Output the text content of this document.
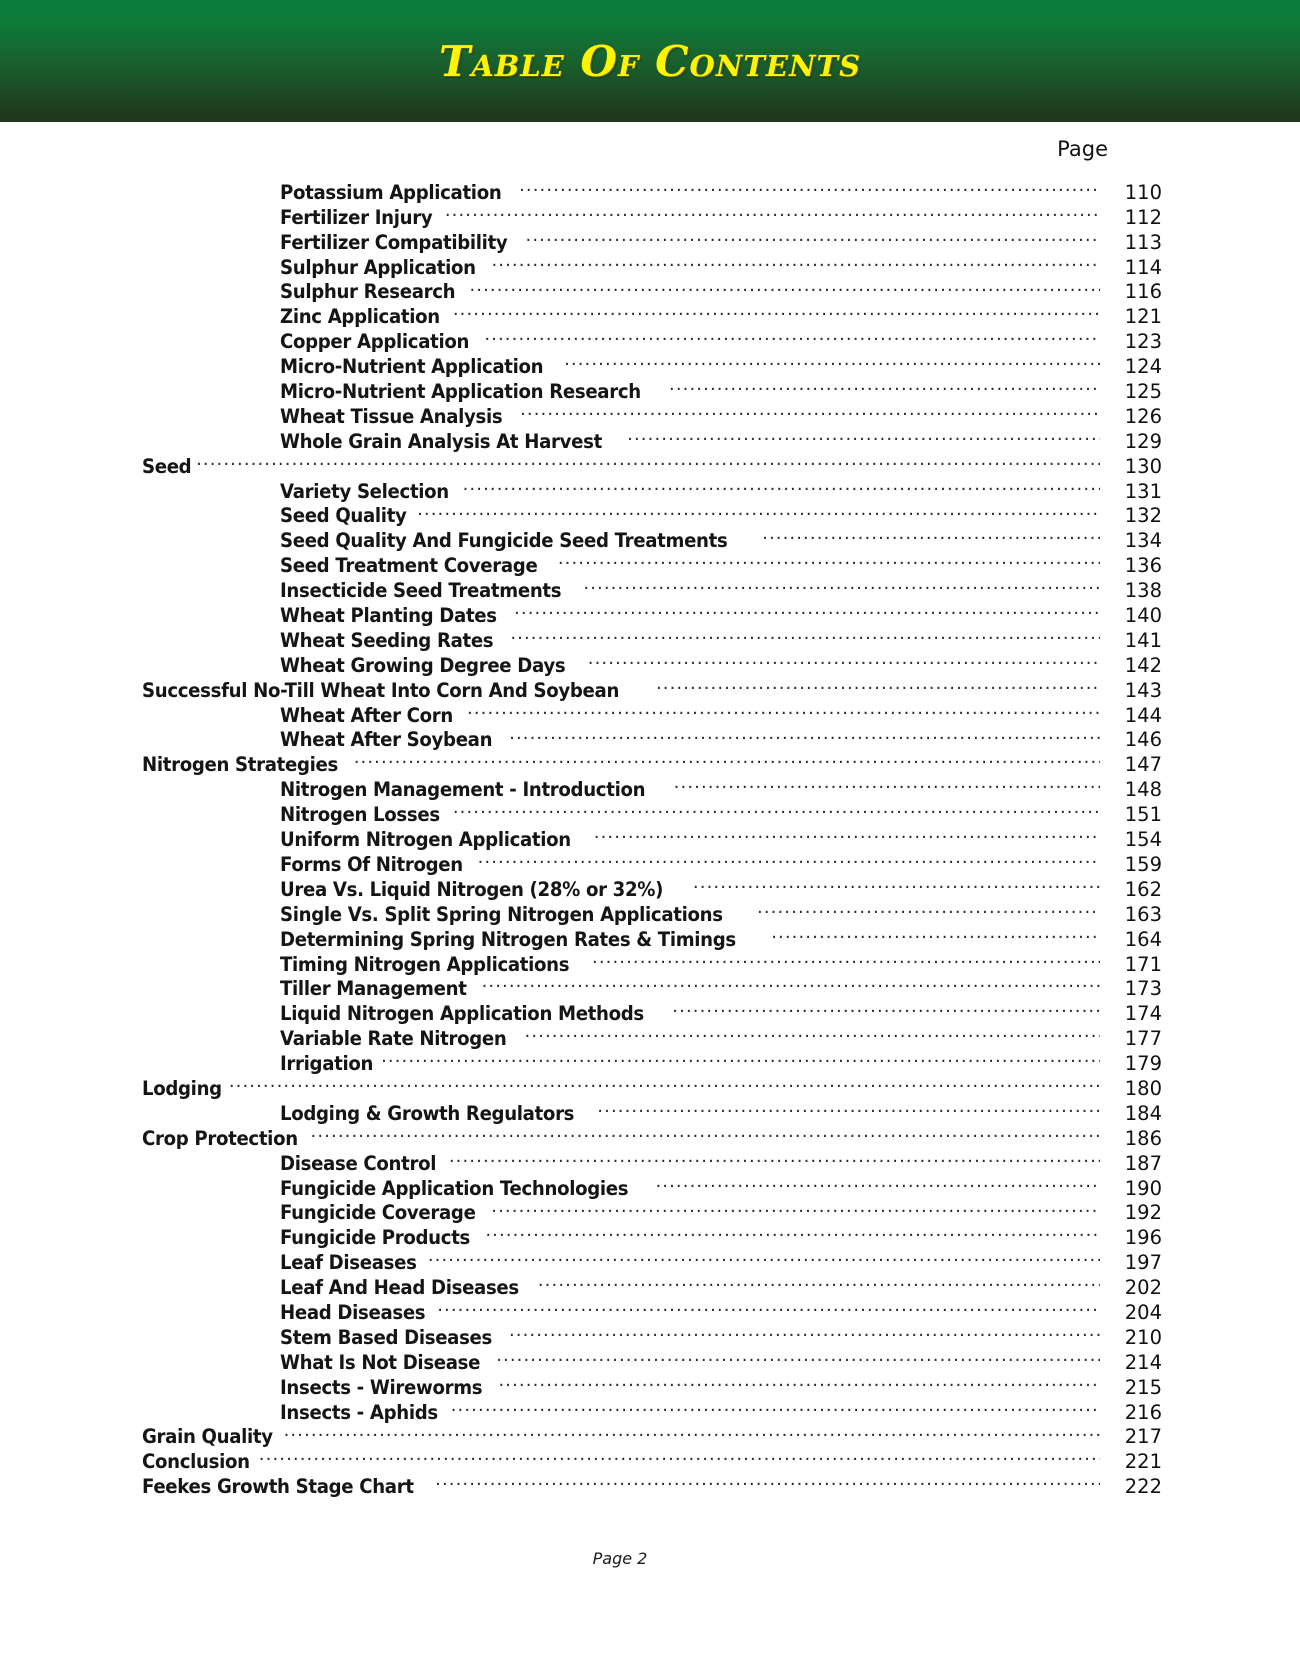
Table Of Contents
Page
Potassium Application .....	110
Fertilizer Injury .....	112
Fertilizer Compatibility .....	113
Sulphur Application .....	114
Sulphur Research .....	116
Zinc Application .....	121
Copper Application .....	123
Micro-Nutrient Application .....	124
Micro-Nutrient Application Research .....	125
Wheat Tissue Analysis .....	126
Whole Grain Analysis At Harvest .....	129
Seed .....	130
Variety Selection .....	131
Seed Quality .....	132
Seed Quality And Fungicide Seed Treatments .....	134
Seed Treatment Coverage .....	136
Insecticide Seed Treatments .....	138
Wheat Planting Dates .....	140
Wheat Seeding Rates .....	141
Wheat Growing Degree Days .....	142
Successful No-Till Wheat Into Corn And Soybean .....	143
Wheat After Corn .....	144
Wheat After Soybean .....	146
Nitrogen Strategies .....	147
Nitrogen Management - Introduction .....	148
Nitrogen Losses .....	151
Uniform Nitrogen Application .....	154
Forms Of Nitrogen .....	159
Urea Vs. Liquid Nitrogen (28% or 32%) .....	162
Single Vs. Split Spring Nitrogen Applications .....	163
Determining Spring Nitrogen Rates & Timings .....	164
Timing Nitrogen Applications .....	171
Tiller Management .....	173
Liquid Nitrogen Application Methods .....	174
Variable Rate Nitrogen .....	177
Irrigation .....	179
Lodging .....	180
Lodging & Growth Regulators .....	184
Crop Protection .....	186
Disease Control .....	187
Fungicide Application Technologies .....	190
Fungicide Coverage .....	192
Fungicide Products .....	196
Leaf Diseases .....	197
Leaf And Head Diseases .....	202
Head Diseases .....	204
Stem Based Diseases .....	210
What Is Not Disease .....	214
Insects - Wireworms .....	215
Insects - Aphids .....	216
Grain Quality .....	217
Conclusion .....	221
Feekes Growth Stage Chart .....	222
Page 2
